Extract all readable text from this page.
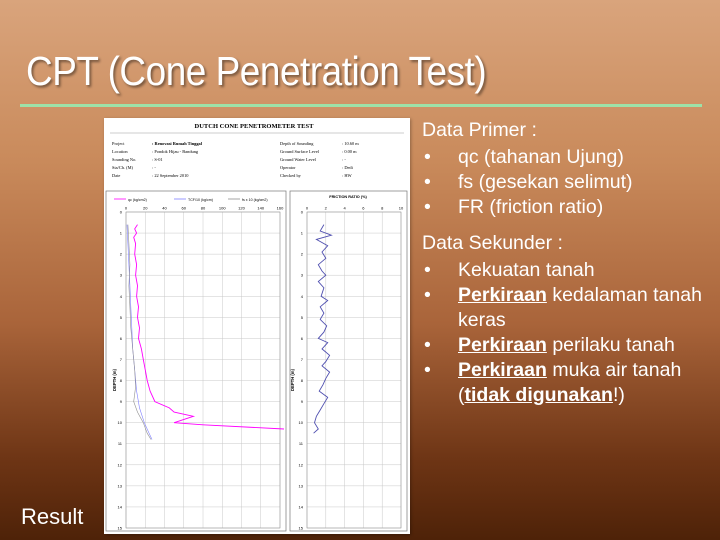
CPT (Cone Penetration Test)
DUTCH CONE PENETROMETER TEST
Project	: Renovasi Rumah Tinggal
Location	: Pondok Hijau - Bandung
Sounding No.	: S-01
Sta/Ch. (M)	: -
Date	: 22 September 2010
Depth of Sounding	: 10.60 m
Ground Surface Level	: 0.00 m
Ground Water Level	: -
Operator	: Dedi
Checked by	: HW
qc (kg/cm2)	TCF/10 (kg/cm)	fs x 10 (kg/cm2)
DEPTH (m)
0	20	40	60	80	100	120	140	160
0
1
2
3
4
5
6
7
8
9
10
11
12
13
14
15
FRICTION RATIO (%)
DEPTH (m)
0	2	4	6	8	10
0
1
2
3
4
5
6
7
8
9
10
11
12
13
14
15
Data Primer :
• qc (tahanan Ujung)
• fs (gesekan selimut)
• FR (friction ratio)
Data Sekunder :
• Kekuatan tanah
• Perkiraan kedalaman tanah keras
• Perkiraan perilaku tanah
• Perkiraan muka air tanah (tidak digunakan!)
Result
